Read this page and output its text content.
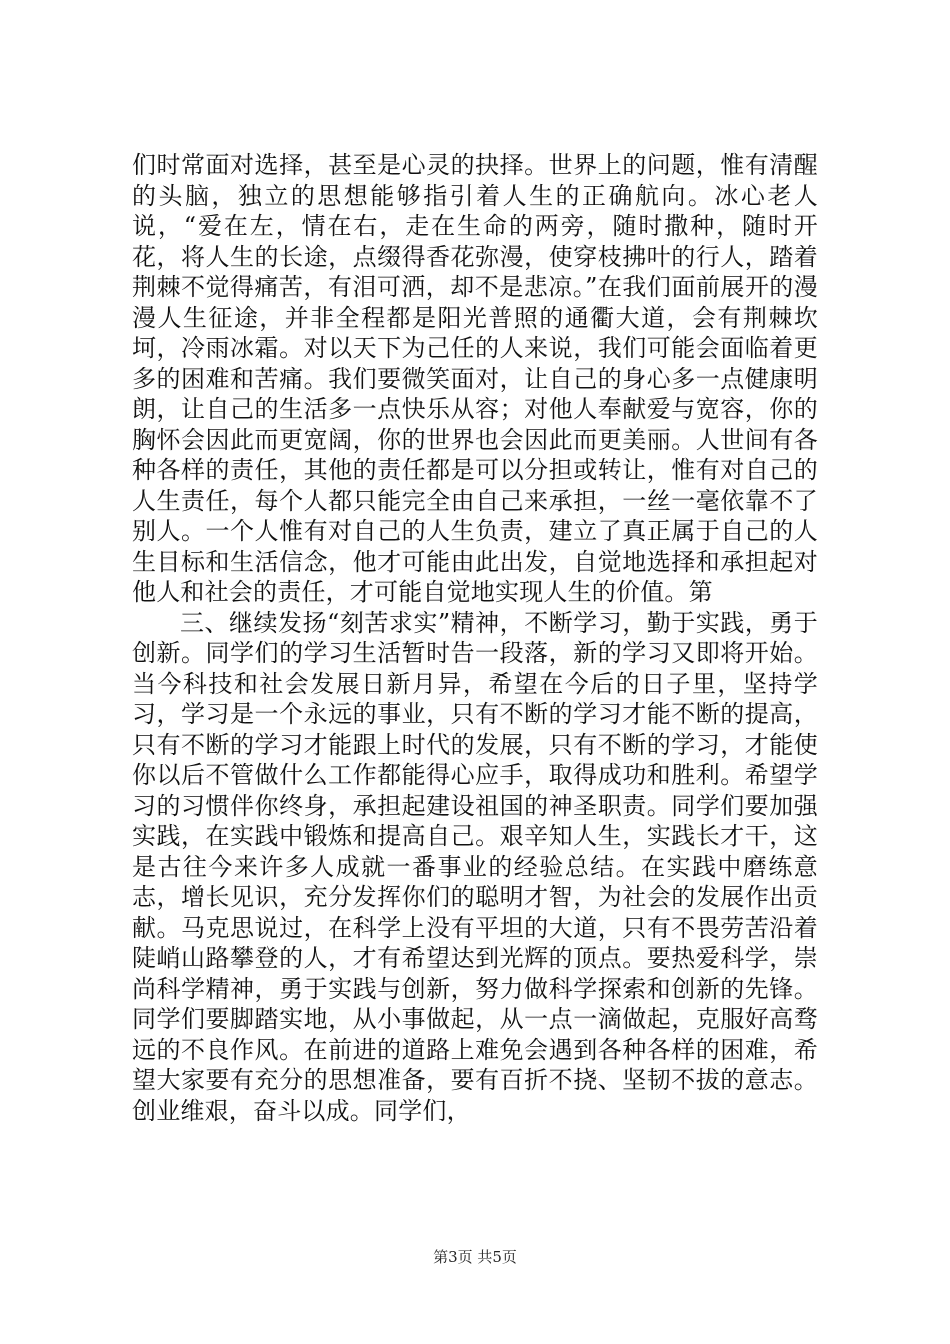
们时常面对选择，甚至是心灵的抉择。世界上的问题，惟有清醒的头脑，独立的思想能够指引着人生的正确航向。冰心老人说，“爱在左，情在右，走在生命的两旁，随时撒种，随时开花，将人生的长途，点缀得香花弥漫，使穿枝拂叶的行人，踏着荆棘不觉得痛苦，有泪可洒，却不是悲凉。”在我们面前展开的漫漫人生征途，并非全程都是阳光普照的通衢大道，会有荆棘坎坷，冷雨冰霜。对以天下为己任的人来说，我们可能会面临着更多的困难和苦痛。我们要微笑面对，让自己的身心多一点健康明朗，让自己的生活多一点快乐从容；对他人奉献爱与宽容，你的胸怀会因此而更宽阔，你的世界也会因此而更美丽。人世间有各种各样的责任，其他的责任都是可以分担或转让，惟有对自己的人生责任，每个人都只能完全由自己来承担，一丝一毫依靠不了别人。一个人惟有对自己的人生负责，建立了真正属于自己的人生目标和生活信念，他才可能由此出发，自觉地选择和承担起对他人和社会的责任，才可能自觉地实现人生的价值。第

三、继续发扬“刻苦求实”精神，不断学习，勤于实践，勇于创新。同学们的学习生活暂时告一段落，新的学习又即将开始。当今科技和社会发展日新月异，希望在今后的日子里，坚持学习，学习是一个永远的事业，只有不断的学习才能不断的提高，只有不断的学习才能跟上时代的发展，只有不断的学习，才能使你以后不管做什么工作都能得心应手，取得成功和胜利。希望学习的习惯伴你终身，承担起建设祖国的神圣职责。同学们要加强实践，在实践中锻炼和提高自己。艰辛知人生，实践长才干，这是古往今来许多人成就一番事业的经验总结。在实践中磨练意志，增长见识，充分发挥你们的聪明才智，为社会的发展作出贡献。马克思说过，在科学上没有平坦的大道，只有不畏劳苦沿着陡峭山路攀登的人，才有希望达到光辉的顶点。要热爱科学，崇尚科学精神，勇于实践与创新，努力做科学探索和创新的先锋。同学们要脚踏实地，从小事做起，从一点一滴做起，克服好高骛远的不良作风。在前进的道路上难免会遇到各种各样的困难，希望大家要有充分的思想准备，要有百折不挠、坚韧不拔的意志。创业维艰，奋斗以成。同学们，

第3页 共5页
